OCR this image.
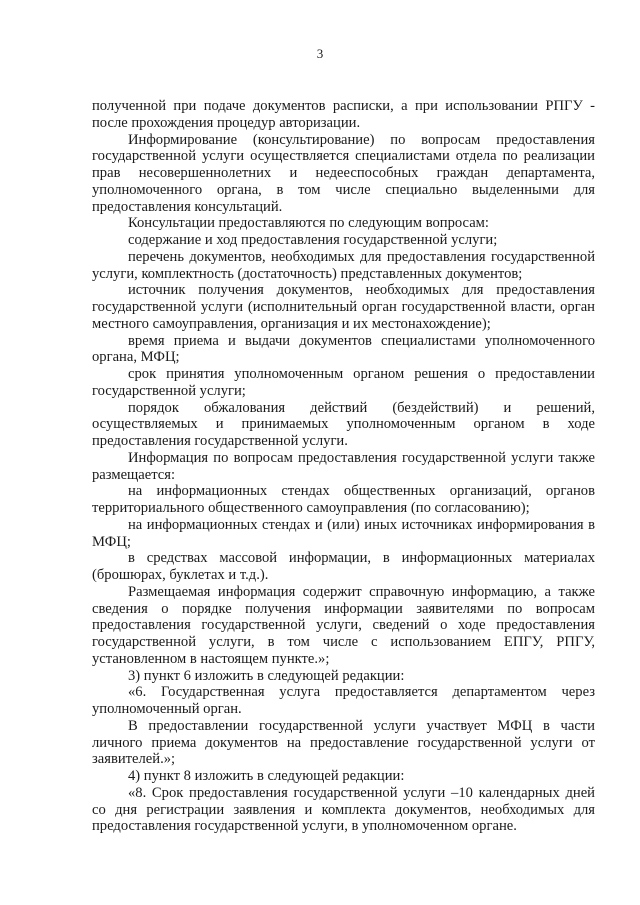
3

полученной при подаче документов расписки, а при использовании РПГУ - после прохождения процедур авторизации.

Информирование (консультирование) по вопросам предоставления государственной услуги осуществляется специалистами отдела по реализации прав несовершеннолетних и недееспособных граждан департамента, уполномоченного органа, в том числе специально выделенными для предоставления консультаций.

Консультации предоставляются по следующим вопросам:

содержание и ход предоставления государственной услуги;

перечень документов, необходимых для предоставления государственной услуги, комплектность (достаточность) представленных документов;

источник получения документов, необходимых для предоставления государственной услуги (исполнительный орган государственной власти, орган местного самоуправления, организация и их местонахождение);

время приема и выдачи документов специалистами уполномоченного органа, МФЦ;

срок принятия уполномоченным органом решения о предоставлении государственной услуги;

порядок обжалования действий (бездействий) и решений, осуществляемых и принимаемых уполномоченным органом в ходе предоставления государственной услуги.

Информация по вопросам предоставления государственной услуги также размещается:

на информационных стендах общественных организаций, органов территориального общественного самоуправления (по согласованию);

на информационных стендах и (или) иных источниках информирования в МФЦ;

в средствах массовой информации, в информационных материалах (брошюрах, буклетах и т.д.).

Размещаемая информация содержит справочную информацию, а также сведения о порядке получения информации заявителями по вопросам предоставления государственной услуги, сведений о ходе предоставления государственной услуги, в том числе с использованием ЕПГУ, РПГУ, установленном в настоящем пункте.»;

3) пункт 6 изложить в следующей редакции:

«6. Государственная услуга предоставляется департаментом через уполномоченный орган.

В предоставлении государственной услуги участвует МФЦ в части личного приема документов на предоставление государственной услуги от заявителей.»;

4) пункт 8 изложить в следующей редакции:

«8. Срок предоставления государственной услуги –10 календарных дней со дня регистрации заявления и комплекта документов, необходимых для предоставления государственной услуги, в уполномоченном органе.
